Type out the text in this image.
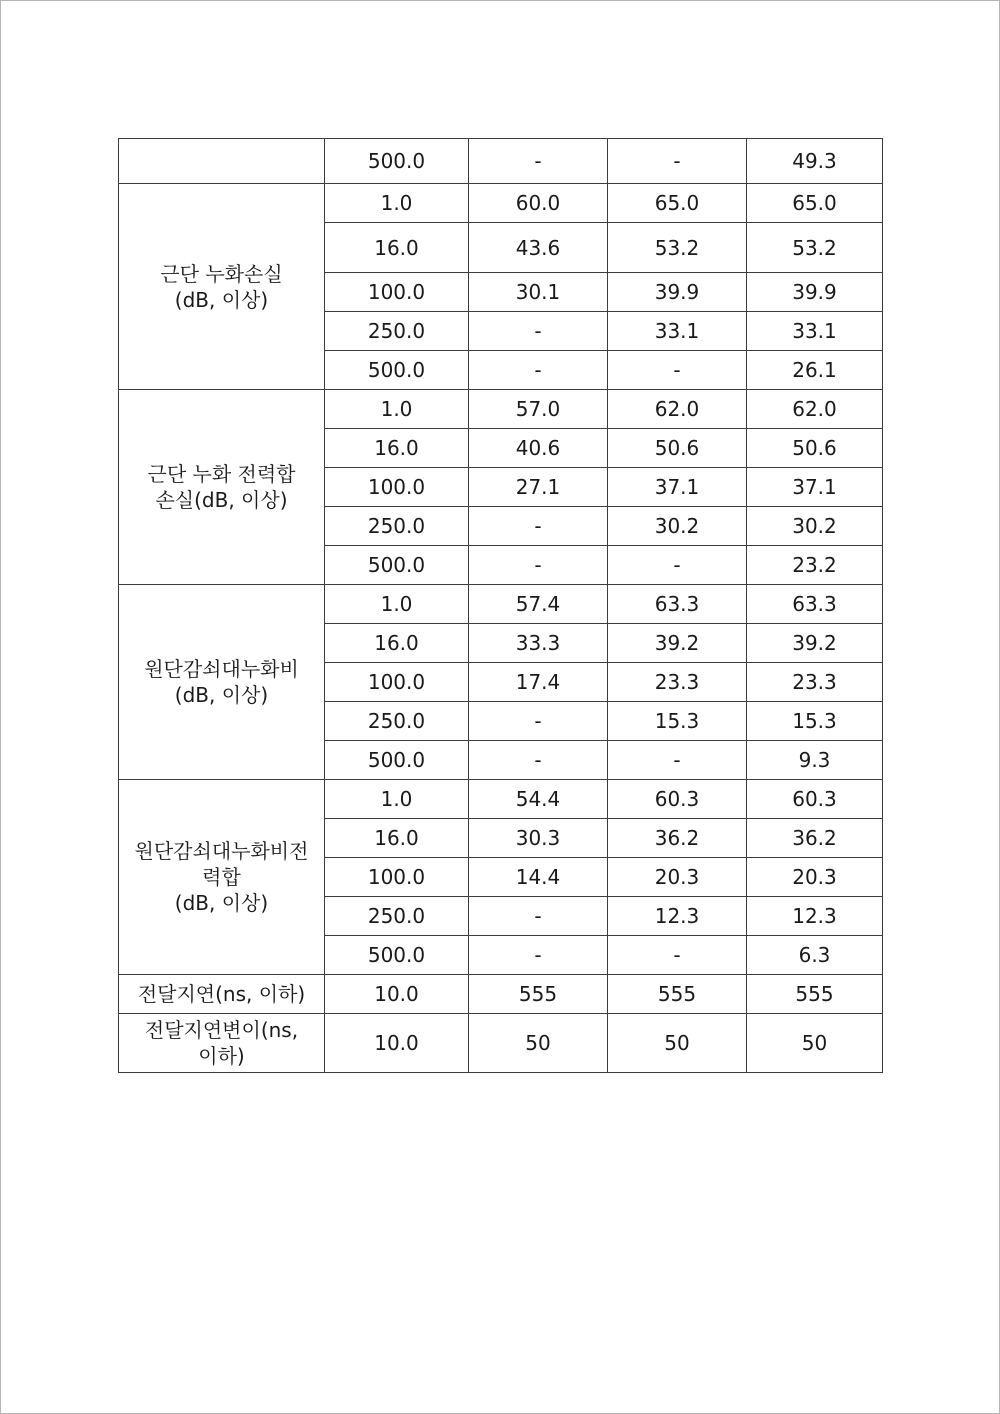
	500.0	-	-	49.3

근단 누화손실
(dB, 이상)	1.0	60.0	65.0	65.0
	16.0	43.6	53.2	53.2
	100.0	30.1	39.9	39.9
	250.0	-	33.1	33.1
	500.0	-	-	26.1

근단 누화 전력합
손실(dB, 이상)	1.0	57.0	62.0	62.0
	16.0	40.6	50.6	50.6
	100.0	27.1	37.1	37.1
	250.0	-	30.2	30.2
	500.0	-	-	23.2

원단감쇠대누화비
(dB, 이상)	1.0	57.4	63.3	63.3
	16.0	33.3	39.2	39.2
	100.0	17.4	23.3	23.3
	250.0	-	15.3	15.3
	500.0	-	-	9.3

원단감쇠대누화비전
력합
(dB, 이상)	1.0	54.4	60.3	60.3
	16.0	30.3	36.2	36.2
	100.0	14.4	20.3	20.3
	250.0	-	12.3	12.3
	500.0	-	-	6.3

전달지연(ns, 이하)	10.0	555	555	555

전달지연변이(ns,
이하)	10.0	50	50	50
